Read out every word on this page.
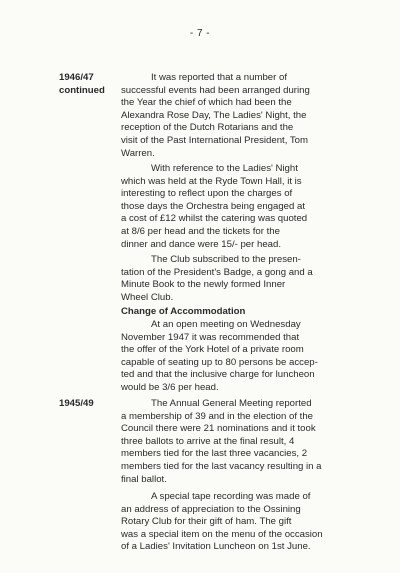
- 7 -
1946/47
continued
It was reported that a number of
successful events had been arranged during
the Year the chief of which had been the
Alexandra Rose Day, The Ladies' Night, the
reception of the Dutch Rotarians and the
visit of the Past International President, Tom
Warren.
With reference to the Ladies' Night
which was held at the Ryde Town Hall, it is
interesting to reflect upon the charges of
those days the Orchestra being engaged at
a cost of £12 whilst the catering was quoted
at 8/6 per head and the tickets for the
dinner and dance were 15/- per head.
The Club subscribed to the presen-
tation of the President's Badge, a gong and a
Minute Book to the newly formed Inner
Wheel Club.
Change of Accommodation
At an open meeting on Wednesday
November 1947 it was recommended that
the offer of the York Hotel of a private room
capable of seating up to 80 persons be accep-
ted and that the inclusive charge for luncheon
would be 3/6 per head.
1945/49	The Annual General Meeting reported
a membership of 39 and in the election of the
Council there were 21 nominations and it took
three ballots to arrive at the final result, 4
members tied for the last three vacancies, 2
members tied for the last vacancy resulting in a
final ballot.
A special tape recording was made of
an address of appreciation to the Ossining
Rotary Club for their gift of ham. The gift
was a special item on the menu of the occasion
of a Ladies' Invitation Luncheon on 1st June.
